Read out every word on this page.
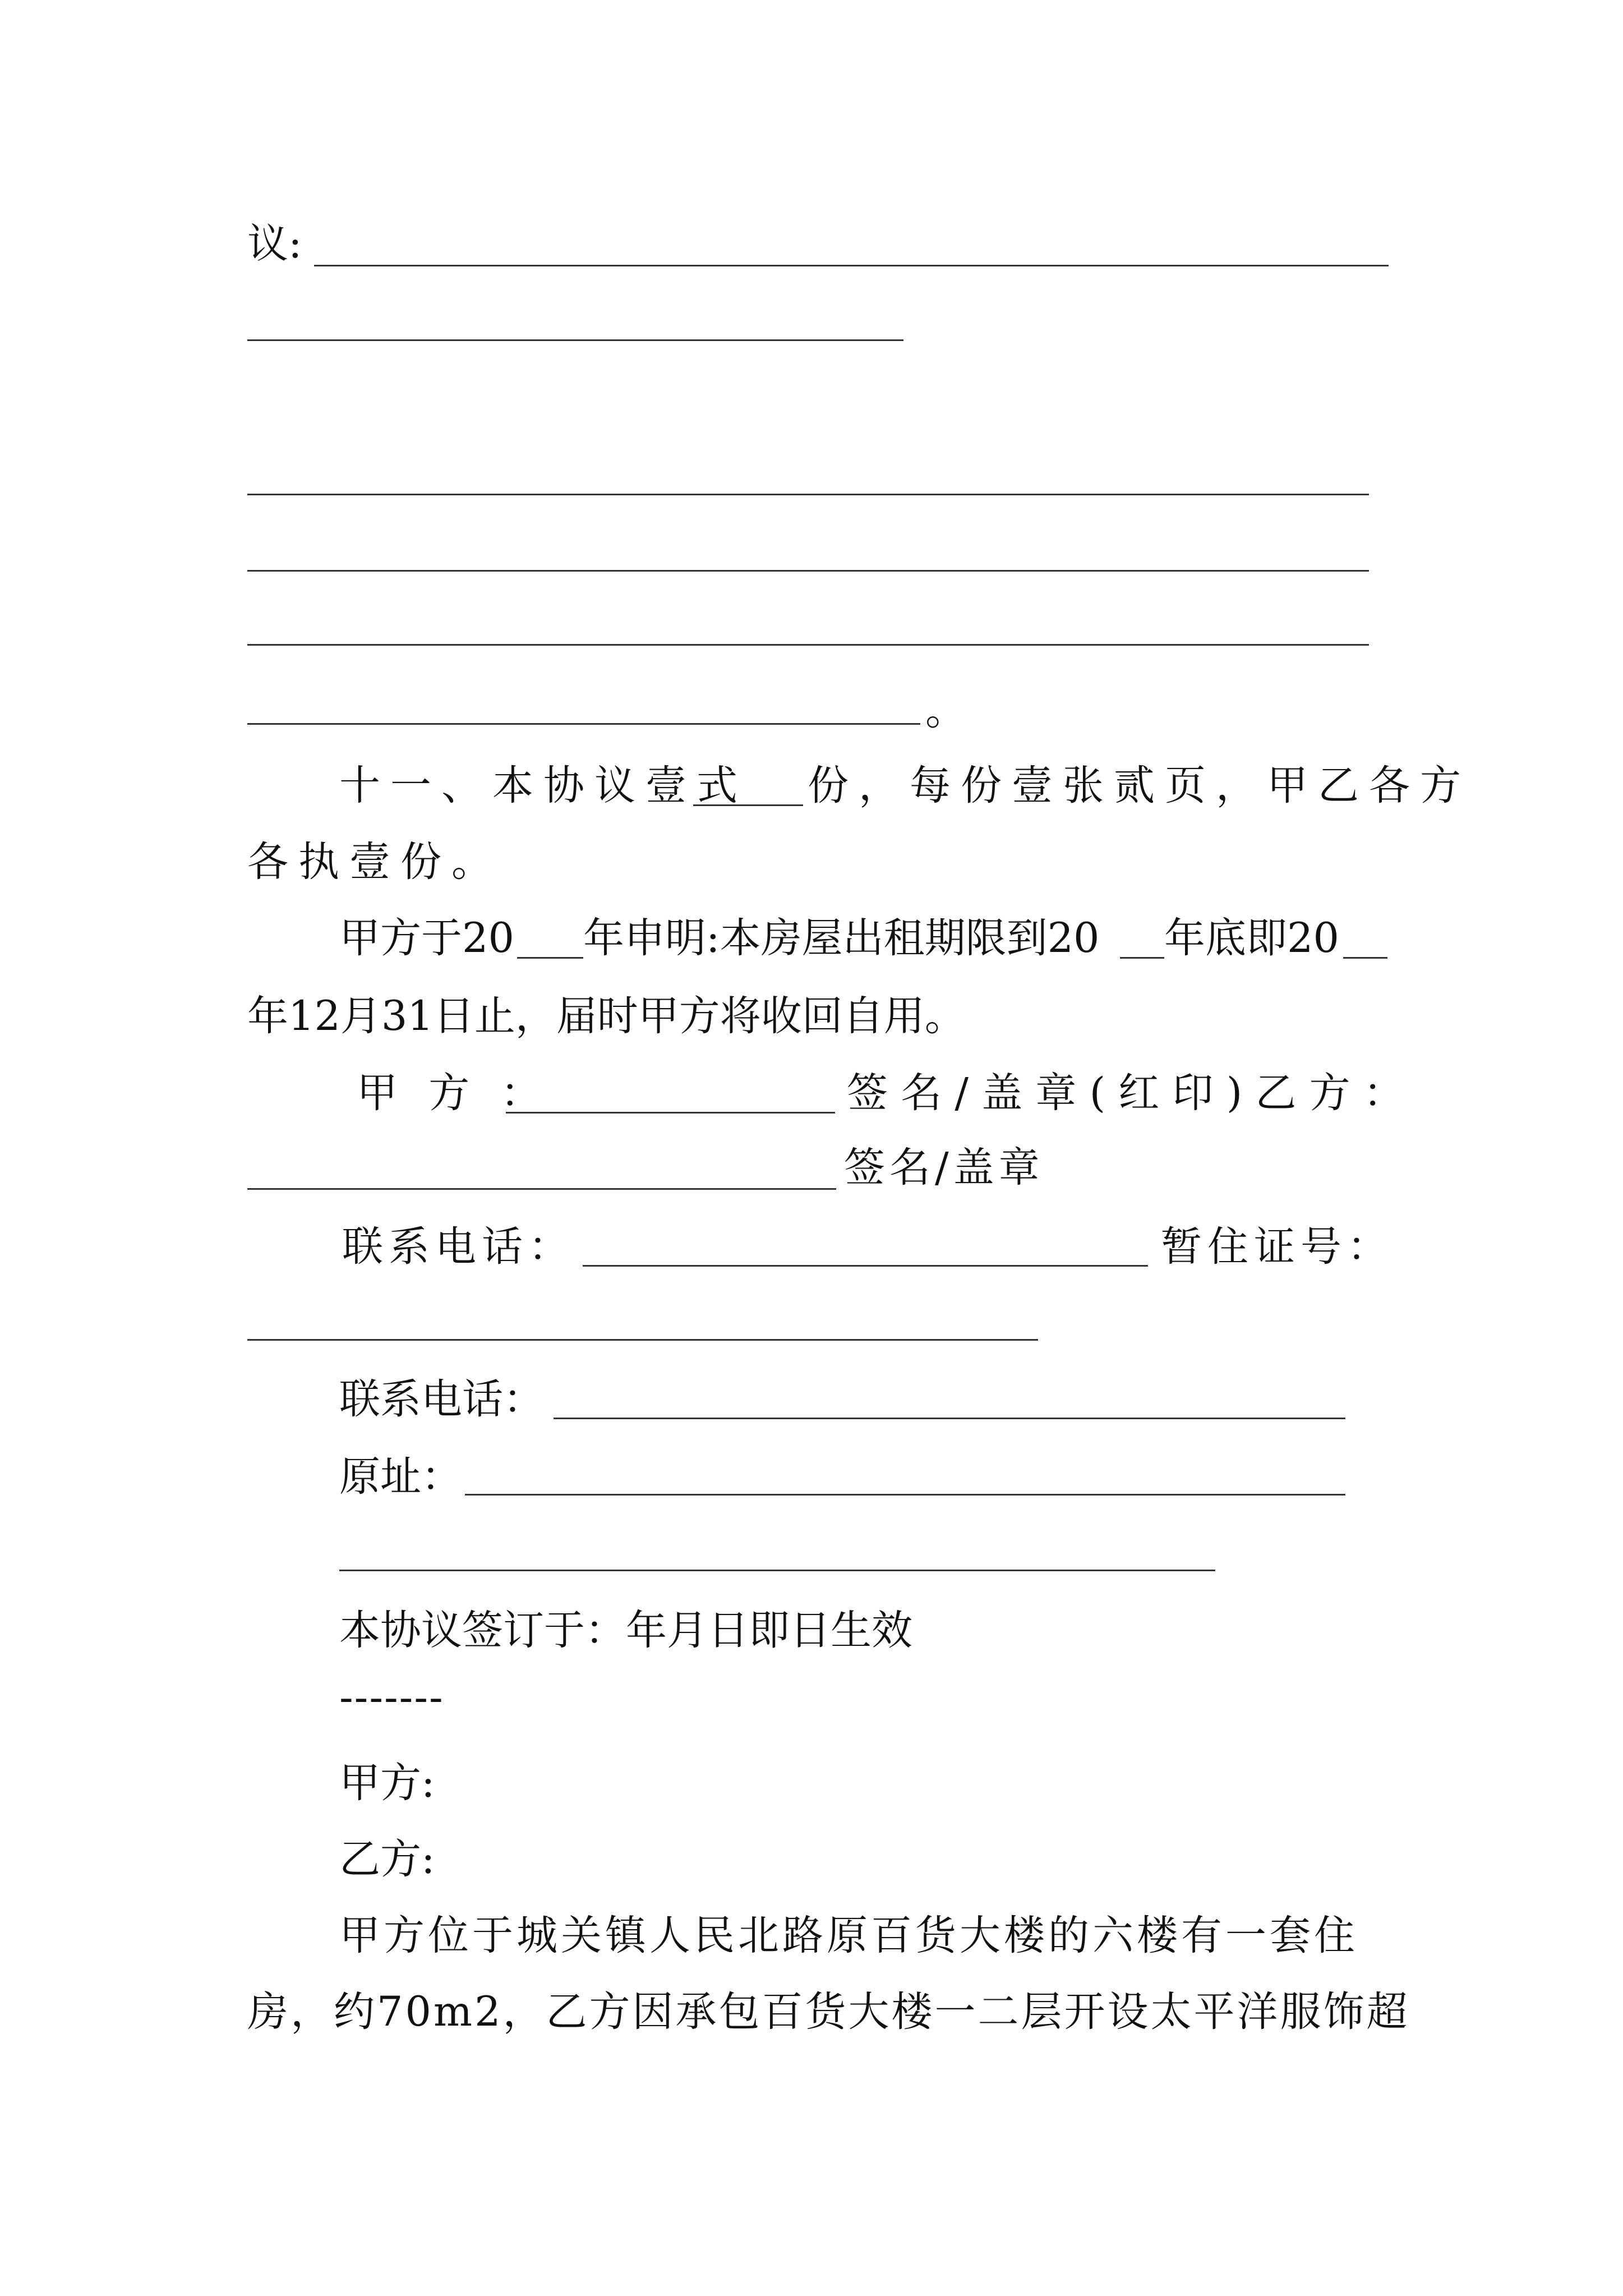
议:
。
十一、本协议壹式 份，每份壹张贰页，甲乙各方
各执壹份。
甲方于20 年申明:本房屋出租期限到20 年底即20
年12月31日止，届时甲方将收回自用。
甲 方 ：	签 名 / 盖 章 ( 红 印 ) 乙 方 ：
签名/盖章
联系电话：	暂住证号：
联系电话：
原址：
本协议签订于：年月日即日生效
-------
甲方:
乙方:
甲方位于城关镇人民北路原百货大楼的六楼有一套住
房，约70m2，乙方因承包百货大楼一二层开设太平洋服饰超
